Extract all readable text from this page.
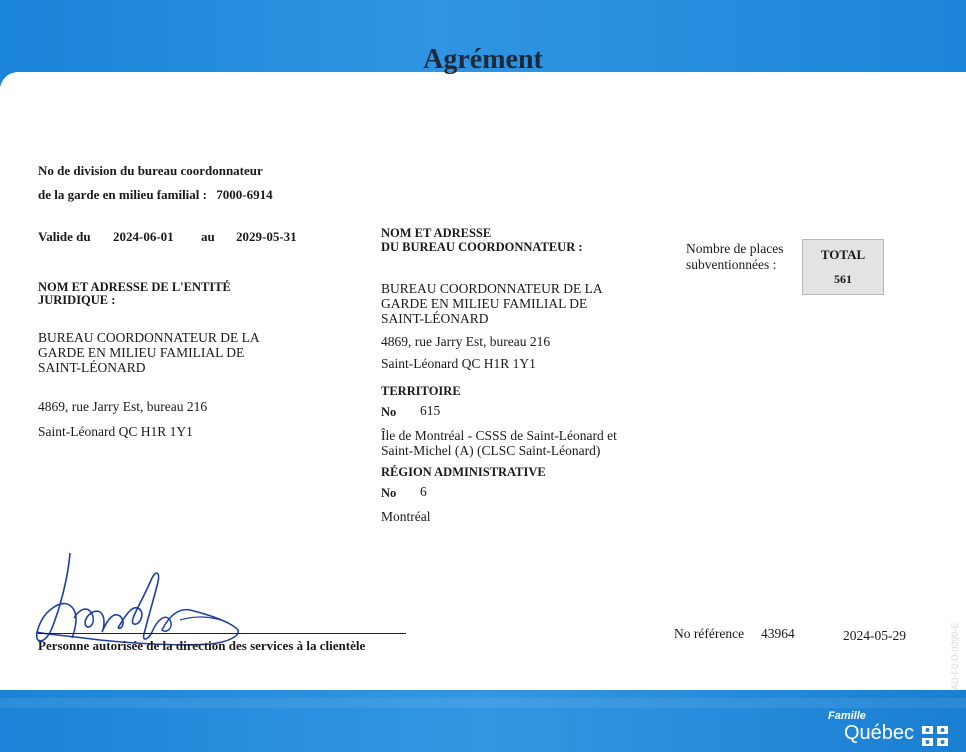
Agrément
No de division du bureau coordonnateur
de la garde en milieu familial : 7000-6914
Valide du 2024-06-01 au 2029-05-31
NOM ET ADRESSE DE L'ENTITÉ
JURIDIQUE :
BUREAU COORDONNATEUR DE LA
GARDE EN MILIEU FAMILIAL DE
SAINT-LÉONARD
4869, rue Jarry Est, bureau 216
Saint-Léonard QC H1R 1Y1
NOM ET ADRESSE
DU BUREAU COORDONNATEUR :
BUREAU COORDONNATEUR DE LA
GARDE EN MILIEU FAMILIAL DE
SAINT-LÉONARD
4869, rue Jarry Est, bureau 216
Saint-Léonard QC H1R 1Y1
TERRITOIRE
No 615
Île de Montréal - CSSS de Saint-Léonard et
Saint-Michel (A) (CLSC Saint-Léonard)
RÉGION ADMINISTRATIVE
No 6
Montréal
Nombre de places
subventionnées :
TOTAL
561
Personne autorisée de la direction des services à la clientèle
No référence 43964	2024-05-29	AD-F0-D-0290-E
Famille
Québec
